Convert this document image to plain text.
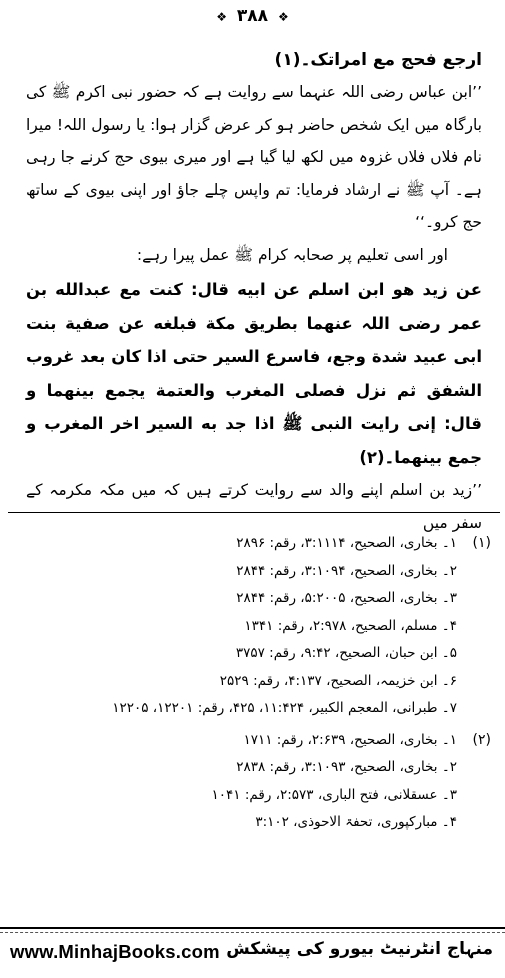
❖ ۳۸۸ ❖

ارجع فحج مع امراتک۔(۱)

’’ابن عباس رضی اللہ عنہما سے روایت ہے کہ حضور نبی اکرم ﷺ کی بارگاہ میں ایک شخص حاضر ہو کر عرض گزار ہوا: یا رسول اللہ! میرا نام فلاں فلاں غزوہ میں لکھ لیا گیا ہے اور میری بیوی حج کرنے جا رہی ہے۔ آپ ﷺ نے ارشاد فرمایا: تم واپس چلے جاؤ اور اپنی بیوی کے ساتھ حج کرو۔‘‘

اور اسی تعلیم پر صحابہ کرام ﷺ عمل پیرا رہے:

عن زيد هو ابن اسلم عن ابيه قال: كنت مع عبدالله بن عمر رضی اللہ عنهما بطريق مكة فبلغه عن صفية بنت ابی عبيد شدة وجع، فاسرع السير حتى اذا كان بعد غروب الشفق ثم نزل فصلى المغرب والعتمة يجمع بينهما و قال: إنی رايت النبی ﷺ اذا جد به السير اخر المغرب و جمع بينهما۔(۲)

’’زید بن اسلم اپنے والد سے روایت کرتے ہیں کہ میں مکہ مکرمہ کے سفر میں

(۱)
۱۔ بخاری، الصحیح، ۳:۱۱۱۴، رقم: ۲۸۹۶
۲۔ بخاری، الصحیح، ۳:۱۰۹۴، رقم: ۲۸۴۴
۳۔ بخاری، الصحیح، ۵:۲۰۰۵، رقم: ۲۸۴۴
۴۔ مسلم، الصحیح، ۲:۹۷۸، رقم: ۱۳۴۱
۵۔ ابن حبان، الصحیح، ۹:۴۲، رقم: ۳۷۵۷
۶۔ ابن خزیمہ، الصحیح، ۴:۱۳۷، رقم: ۲۵۲۹
۷۔ طبرانی، المعجم الکبیر، ۱۱:۴۲۴، ۴۲۵، رقم: ۱۲۲۰۱، ۱۲۲۰۵
(۲)
۱۔ بخاری، الصحیح، ۲:۶۳۹، رقم: ۱۷۱۱
۲۔ بخاری، الصحیح، ۳:۱۰۹۳، رقم: ۲۸۳۸
۳۔ عسقلانی، فتح الباری، ۲:۵۷۳، رقم: ۱۰۴۱
۴۔ مبارکپوری، تحفۃ الاحوذی، ۳:۱۰۲
www.MinhajBooks.com منہاج انٹرنیٹ بیورو کی پیشکش
